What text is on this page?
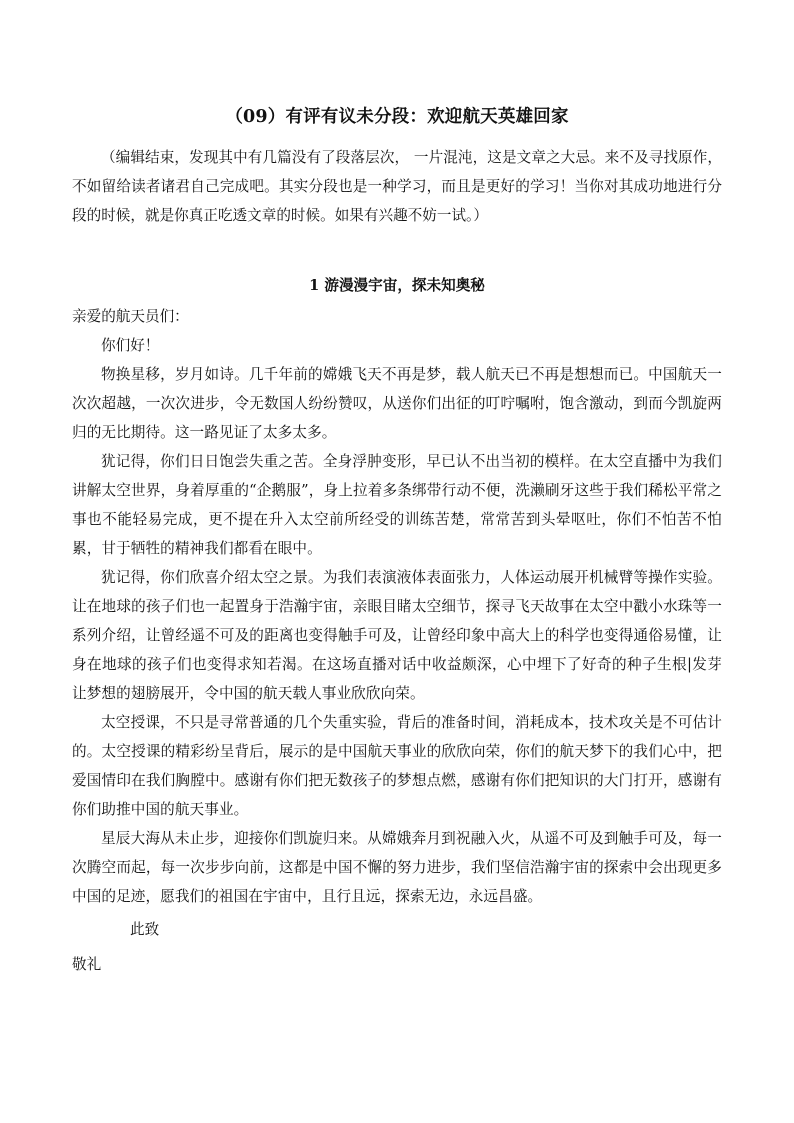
（09）有评有议未分段：欢迎航天英雄回家

（编辑结束，发现其中有几篇没有了段落层次， 一片混沌，这是文章之大忌。来不及寻找原作，不如留给读者诸君自己完成吧。其实分段也是一种学习，而且是更好的学习！当你对其成功地进行分段的时候，就是你真正吃透文章的时候。如果有兴趣不妨一试。）

1 游漫漫宇宙，探未知奥秘

亲爱的航天员们：

你们好！

物换星移，岁月如诗。几千年前的嫦娥飞天不再是梦，载人航天已不再是想想而已。中国航天一次次超越，一次次进步，令无数国人纷纷赞叹，从送你们出征的叮咛嘱咐，饱含激动，到而今凯旋两归的无比期待。这一路见证了太多太多。

犹记得，你们日日饱尝失重之苦。全身浮肿变形，早已认不出当初的模样。在太空直播中为我们讲解太空世界，身着厚重的“企鹅服”，身上拉着多条绑带行动不便，洗濑刷牙这些于我们稀松平常之事也不能轻易完成，更不提在升入太空前所经受的训练苦楚，常常苦到头晕呕吐，你们不怕苦不怕累，甘于牺牲的精神我们都看在眼中。

犹记得，你们欣喜介绍太空之景。为我们表演液体表面张力，人体运动展开机械臂等操作实验。让在地球的孩子们也一起置身于浩瀚宇宙，亲眼目睹太空细节，探寻飞天故事在太空中戳小水珠等一系列介绍，让曾经遥不可及的距离也变得触手可及，让曾经印象中高大上的科学也变得通俗易懂，让身在地球的孩子们也变得求知若渴。在这场直播对话中收益颇深，心中埋下了好奇的种子生根|发芽让梦想的翅膀展开，令中国的航天载人事业欣欣向荣。

太空授课，不只是寻常普通的几个失重实验，背后的准备时间，消耗成本，技术攻关是不可估计的。太空授课的精彩纷呈背后，展示的是中国航天事业的欣欣向荣，你们的航天梦下的我们心中，把爱国情印在我们胸膛中。感谢有你们把无数孩子的梦想点燃，感谢有你们把知识的大门打开，感谢有你们助推中国的航天事业。

星辰大海从未止步，迎接你们凯旋归来。从嫦娥奔月到祝融入火，从遥不可及到触手可及，每一次腾空而起，每一次步步向前，这都是中国不懈的努力进步，我们坚信浩瀚宇宙的探索中会出现更多中国的足迹，愿我们的祖国在宇宙中，且行且远，探索无边，永远昌盛。

此致

敬礼
